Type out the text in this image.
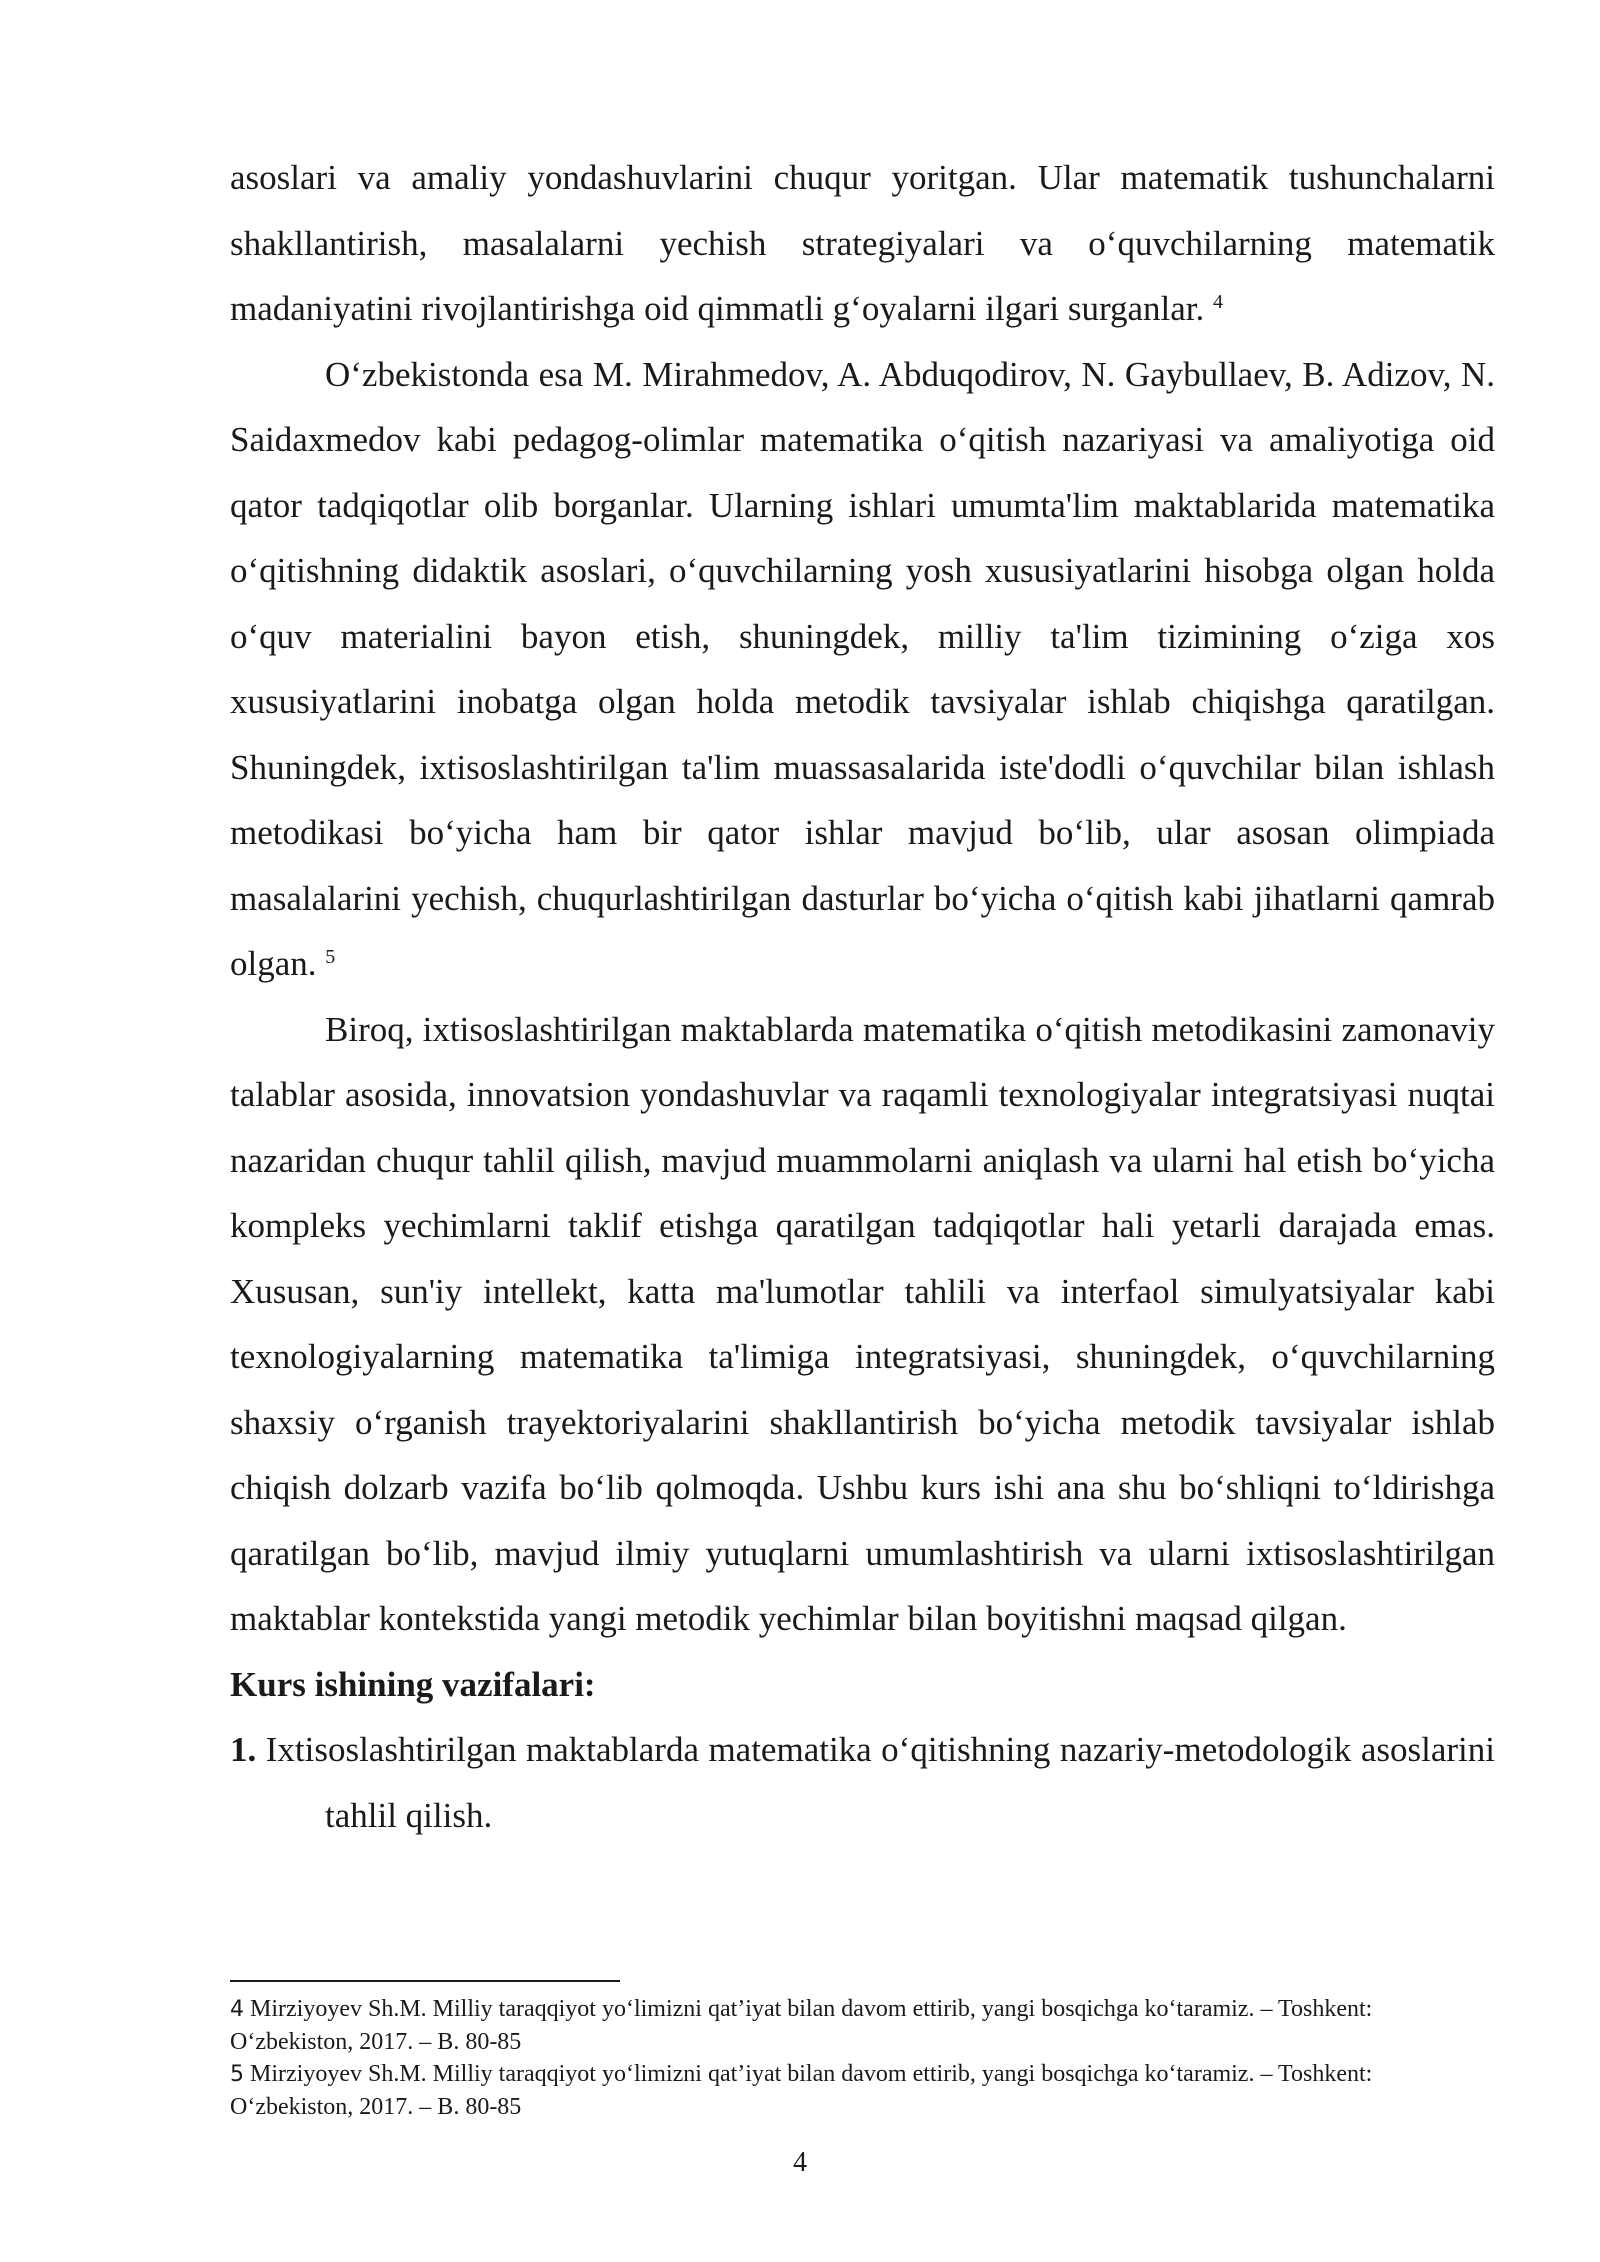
asoslari va amaliy yondashuvlarini chuqur yoritgan. Ular matematik tushunchalarni shakllantirish, masalalarni yechish strategiyalari va o‘quvchilarning matematik madaniyatini rivojlantirishga oid qimmatli g‘oyalarni ilgari surganlar. $^4$

O‘zbekistonda esa M. Mirahmedov, A. Abduqodirov, N. Gaybullaev, B. Adizov, N. Saidaxmedov kabi pedagog-olimlar matematika o‘qitish nazariyasi va amaliyotiga oid qator tadqiqotlar olib borganlar. Ularning ishlari umumta'lim maktablarida matematika o‘qitishning didaktik asoslari, o‘quvchilarning yosh xususiyatlarini hisobga olgan holda o‘quv materialini bayon etish, shuningdek, milliy ta'lim tizimining o‘ziga xos xususiyatlarini inobatga olgan holda metodik tavsiyalar ishlab chiqishga qaratilgan. Shuningdek, ixtisoslashtirilgan ta'lim muassasalarida iste'dodli o‘quvchilar bilan ishlash metodikasi bo‘yicha ham bir qator ishlar mavjud bo‘lib, ular asosan olimpiada masalalarini yechish, chuqurlashtirilgan dasturlar bo‘yicha o‘qitish kabi jihatlarni qamrab olgan. $^5$

Biroq, ixtisoslashtirilgan maktablarda matematika o‘qitish metodikasini zamonaviy talablar asosida, innovatsion yondashuvlar va raqamli texnologiyalar integratsiyasi nuqtai nazaridan chuqur tahlil qilish, mavjud muammolarni aniqlash va ularni hal etish bo‘yicha kompleks yechimlarni taklif etishga qaratilgan tadqiqotlar hali yetarli darajada emas. Xususan, sun'iy intellekt, katta ma'lumotlar tahlili va interfaol simulyatsiyalar kabi texnologiyalarning matematika ta'limiga integratsiyasi, shuningdek, o‘quvchilarning shaxsiy o‘rganish trayektoriyalarini shakllantirish bo‘yicha metodik tavsiyalar ishlab chiqish dolzarb vazifa bo‘lib qolmoqda. Ushbu kurs ishi ana shu bo‘shliqni to‘ldirishga qaratilgan bo‘lib, mavjud ilmiy yutuqlarni umumlashtirish va ularni ixtisoslashtirilgan maktablar kontekstida yangi metodik yechimlar bilan boyitishni maqsad qilgan.

Kurs ishining vazifalari:

1. Ixtisoslashtirilgan maktablarda matematika o‘qitishning nazariy-metodologik asoslarini tahlil qilish.

4 Mirziyoyev Sh.M. Milliy taraqqiyot yo‘limizni qat’iyat bilan davom ettirib, yangi bosqichga ko‘taramiz. – Toshkent: O‘zbekiston, 2017. – B. 80-85

5 Mirziyoyev Sh.M. Milliy taraqqiyot yo‘limizni qat’iyat bilan davom ettirib, yangi bosqichga ko‘taramiz. – Toshkent: O‘zbekiston, 2017. – B. 80-85

4
